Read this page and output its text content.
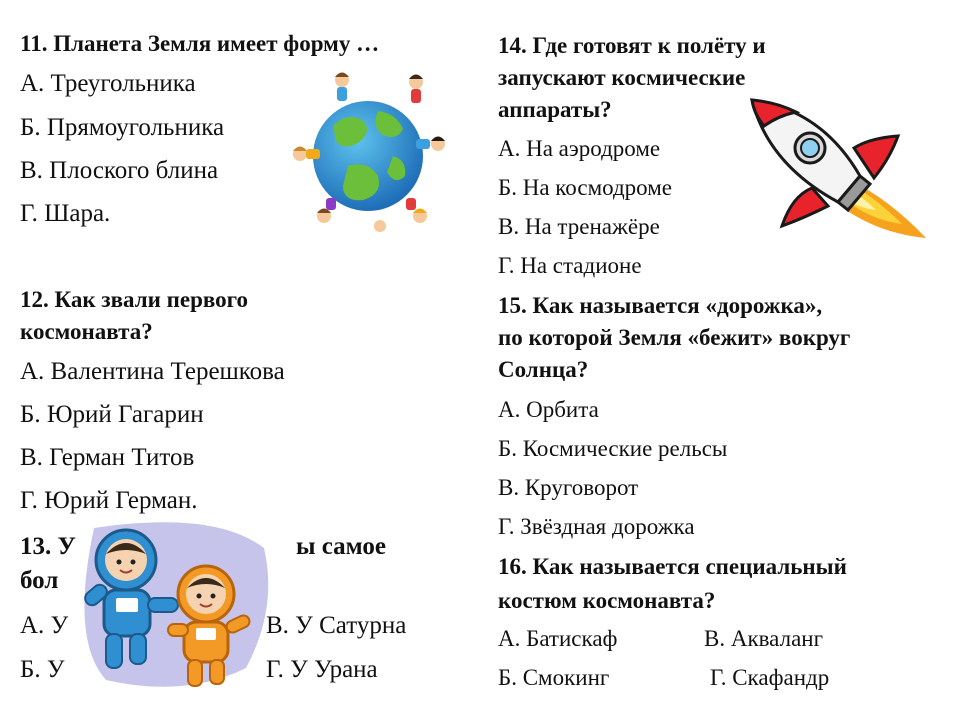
11. Планета Земля имеет форму …
А. Треугольника
Б. Прямоугольника
В. Плоского блина
Г. Шара.
12. Как звали первого
космонавта?
А. Валентина Терешкова
Б. Юрий Гагарин
В. Герман Титов
Г. Юрий Герман.
13. У	ы самое
бол
А. У
Б. У
В. У Сатурна
Г. У Урана
14. Где готовят к полёту и
запускают космические
аппараты?
А. На аэродроме
Б. На космодроме
В. На тренажёре
Г. На стадионе
15. Как называется «дорожка»,
по которой Земля «бежит» вокруг
Солнца?
А. Орбита
Б. Космические рельсы
В. Круговорот
Г. Звёздная дорожка
16. Как называется специальный
костюм космонавта?
А. Батискаф	В. Акваланг
Б. Смокинг	Г. Скафандр
